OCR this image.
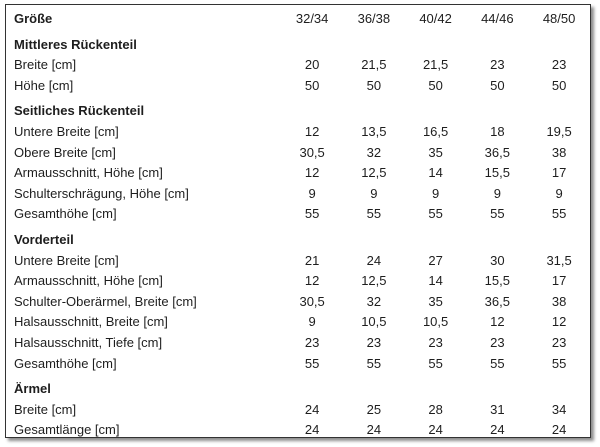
Größe	32/34	36/38	40/42	44/46	48/50
Mittleres Rückenteil					
Breite [cm]	20	21,5	21,5	23	23
Höhe [cm]	50	50	50	50	50
Seitliches Rückenteil					
Untere Breite [cm]	12	13,5	16,5	18	19,5
Obere Breite [cm]	30,5	32	35	36,5	38
Armausschnitt, Höhe [cm]	12	12,5	14	15,5	17
Schulterschrägung, Höhe [cm]	9	9	9	9	9
Gesamthöhe [cm]	55	55	55	55	55
Vorderteil					
Untere Breite [cm]	21	24	27	30	31,5
Armausschnitt, Höhe [cm]	12	12,5	14	15,5	17
Schulter-Oberärmel, Breite [cm]	30,5	32	35	36,5	38
Halsausschnitt, Breite [cm]	9	10,5	10,5	12	12
Halsausschnitt, Tiefe [cm]	23	23	23	23	23
Gesamthöhe [cm]	55	55	55	55	55
Ärmel					
Breite [cm]	24	25	28	31	34
Gesamtlänge [cm]	24	24	24	24	24
